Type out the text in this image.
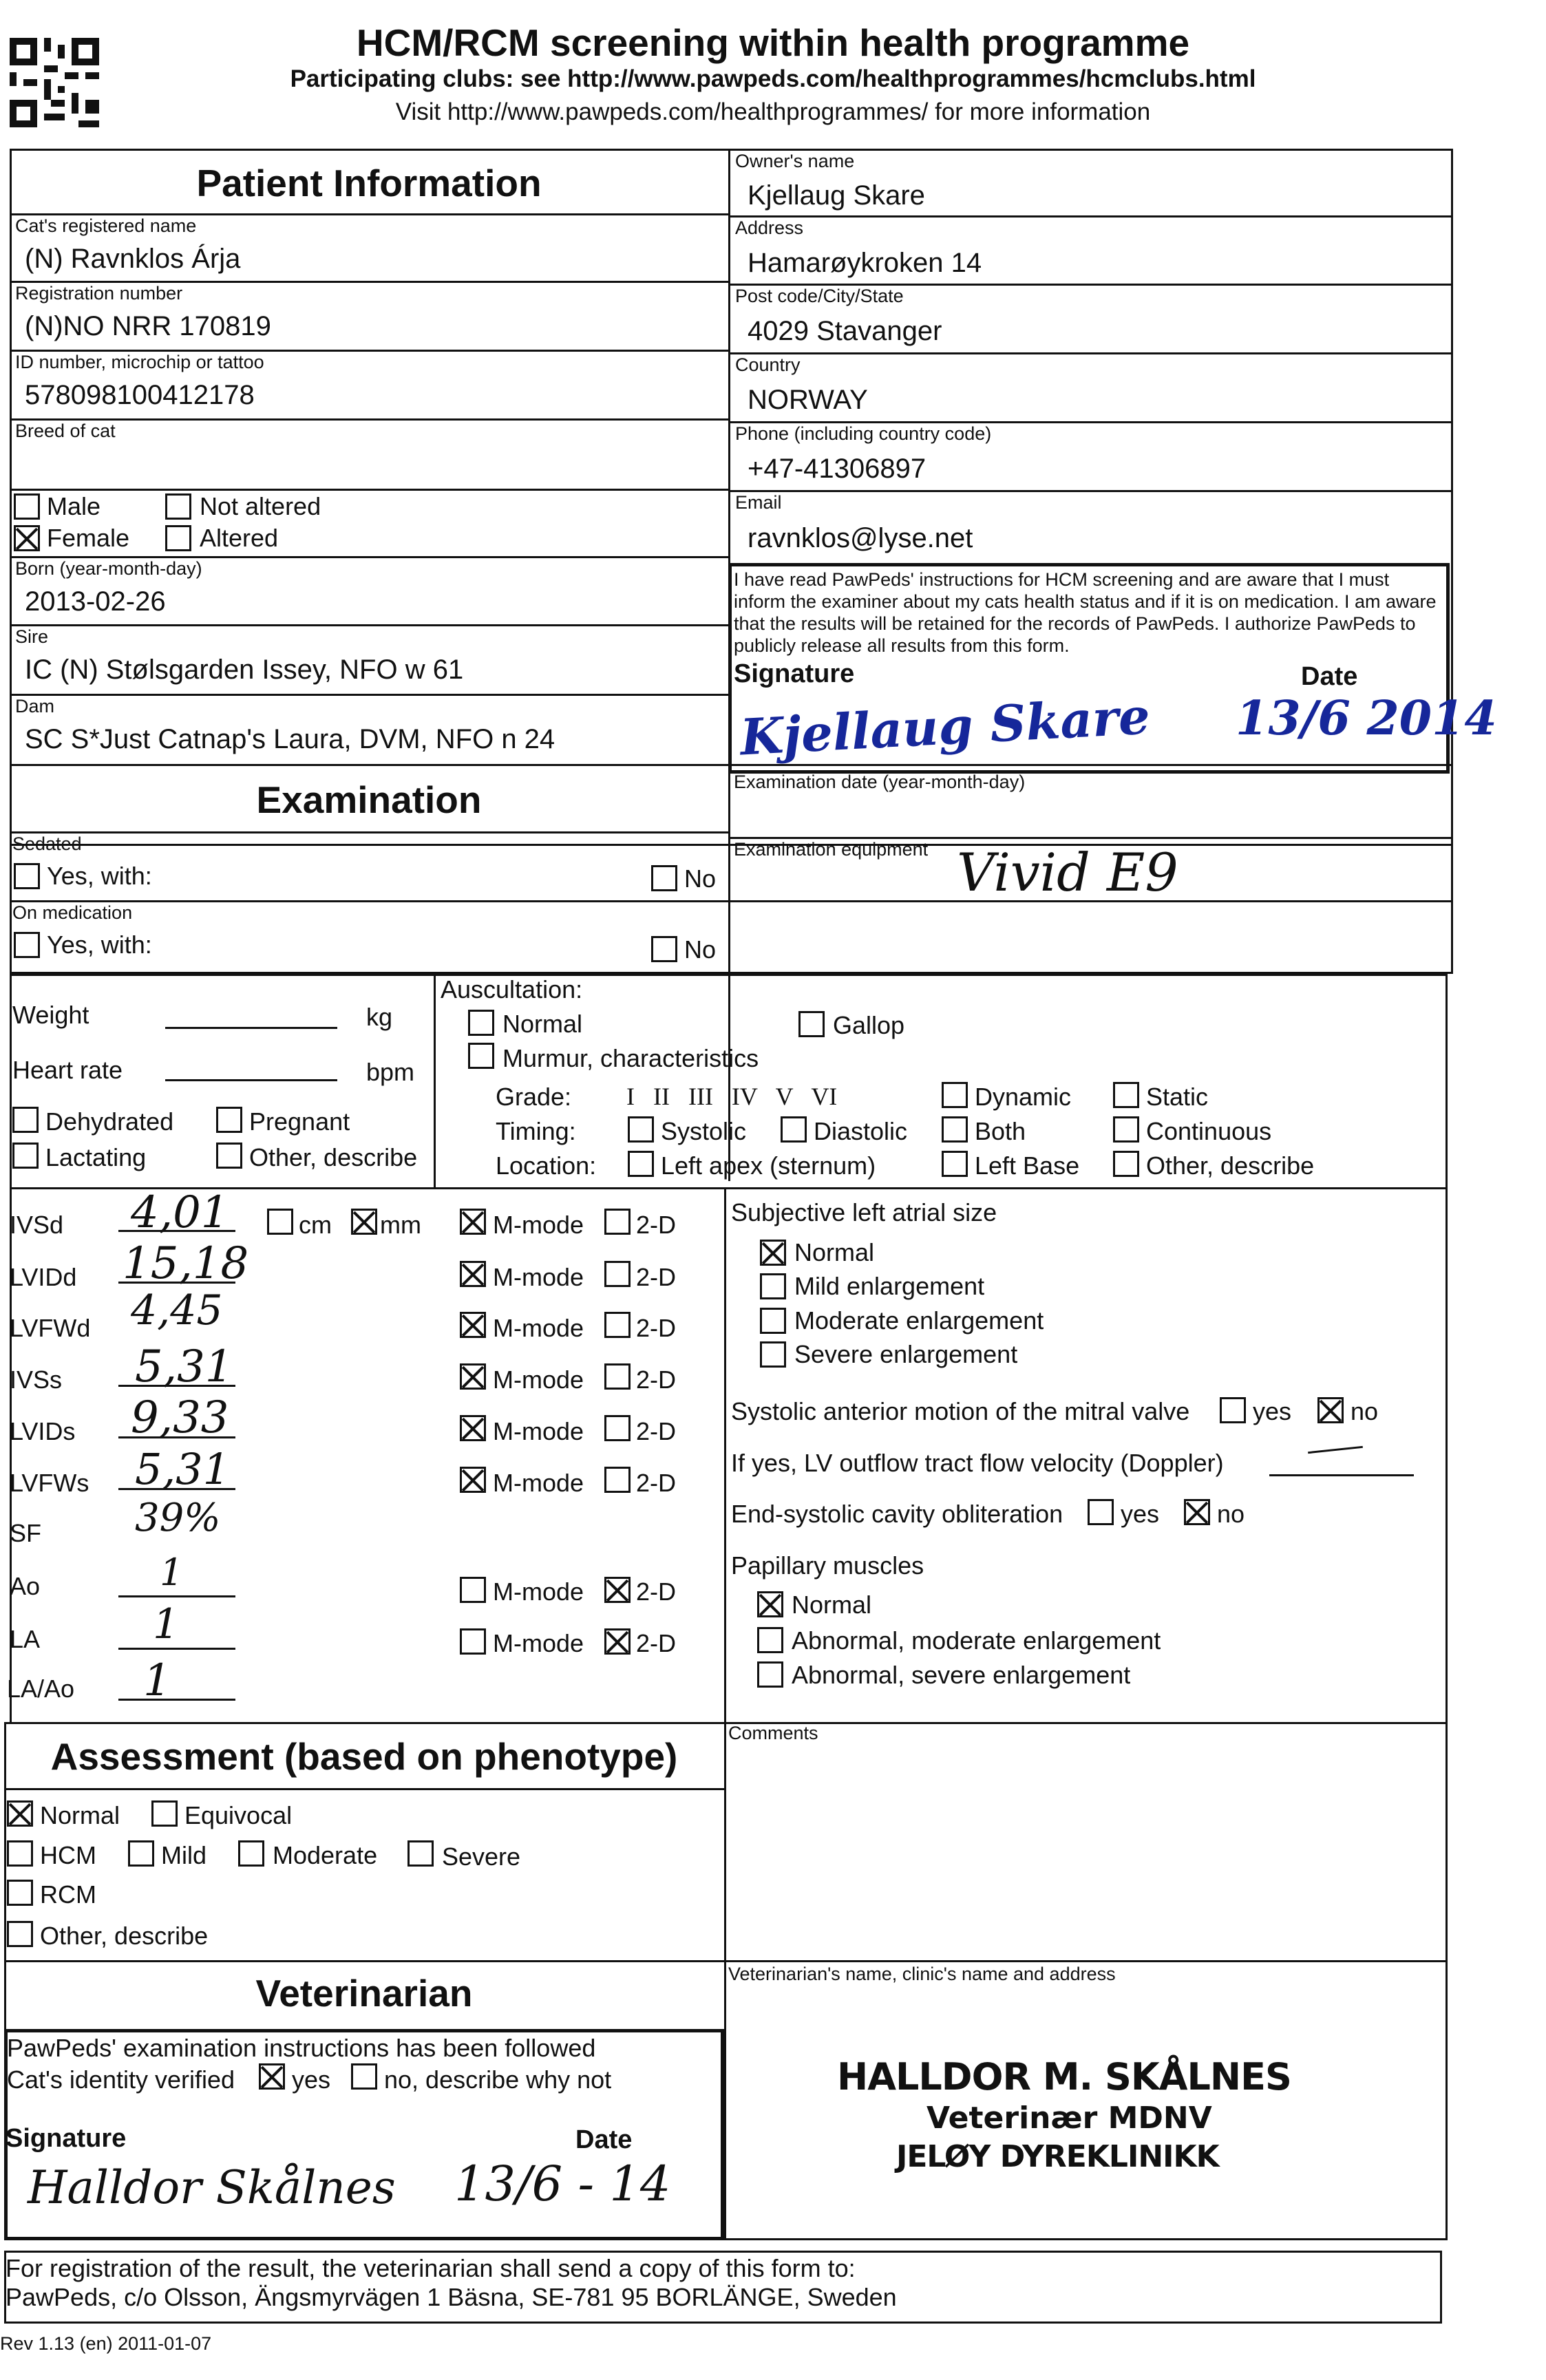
HCM/RCM screening within health programme
Participating clubs: see http://www.pawpeds.com/healthprogrammes/hcmclubs.html
Visit http://www.pawpeds.com/healthprogrammes/ for more information
Patient Information
Cat's registered name
(N) Ravnklos Árja
Registration number
(N)NO NRR 170819
ID number, microchip or tattoo
578098100412178
Breed of cat
Male
Female
Not altered
Altered
Born (year-month-day)
2013-02-26
Sire
IC (N) Stølsgarden Issey, NFO w 61
Dam
SC S*Just Catnap's Laura, DVM, NFO n 24
Owner's name
Kjellaug Skare
Address
Hamarøykroken 14
Post code/City/State
4029 Stavanger
Country
NORWAY
Phone (including country code)
+47-41306897
Email
ravnklos@lyse.net
I have read PawPeds' instructions for HCM screening and are aware that I must inform the examiner about my cats health status and if it is on medication. I am aware that the results will be retained for the records of PawPeds. I authorize PawPeds to publicly release all results from this form.
Signature	Date
Kjellaug Skare 13/6 2014
Examination
Sedated
Yes, with:	No
On medication
Yes, with:	No
Examination date (year-month-day)
Examination equipment Vivid E9
Weight	kg
Heart rate	bpm
Dehydrated	Pregnant
Lactating	Other, describe
Auscultation:
Normal	Gallop
Murmur, characteristics
Grade: I   II   III   IV   V   VI	Dynamic	Static
Timing:	Systolic	Diastolic	Both	Continuous
Location:	Left apex (sternum)	Left Base	Other, describe
IVSd 4,01	cm mm	M-mode 2-D
LVIDd 15,18	M-mode 2-D
LVFWd 4,45	M-mode 2-D
IVSs 5,31	M-mode 2-D
LVIDs 9,33	M-mode 2-D
LVFWs 5,31	M-mode 2-D
SF 39%
Ao	1	M-mode 2-D
LA	1	M-mode 2-D
LA/Ao 1
Subjective left atrial size
Normal
Mild enlargement
Moderate enlargement
Severe enlargement
Systolic anterior motion of the mitral valve	yes no
If yes, LV outflow tract flow velocity (Doppler)
End-systolic cavity obliteration yes no
Papillary muscles
Normal
Abnormal, moderate enlargement
Abnormal, severe enlargement
Assessment (based on phenotype)
Normal	Equivocal
HCM	Mild	Moderate	Severe
RCM
Other, describe
Comments
Veterinarian
PawPeds' examination instructions has been followed
Cat's identity verified yes no, describe why not
Signature	Date
Halldor Skålnes 13/6 - 14
Veterinarian's name, clinic's name and address
HALLDOR M. SKÅLNES
Veterinær MDNV
JELØY DYREKLINIKK
For registration of the result, the veterinarian shall send a copy of this form to:
PawPeds, c/o Olsson, Ängsmyrvägen 1 Bäsna, SE-781 95 BORLÄNGE, Sweden
Rev 1.13 (en) 2011-01-07
